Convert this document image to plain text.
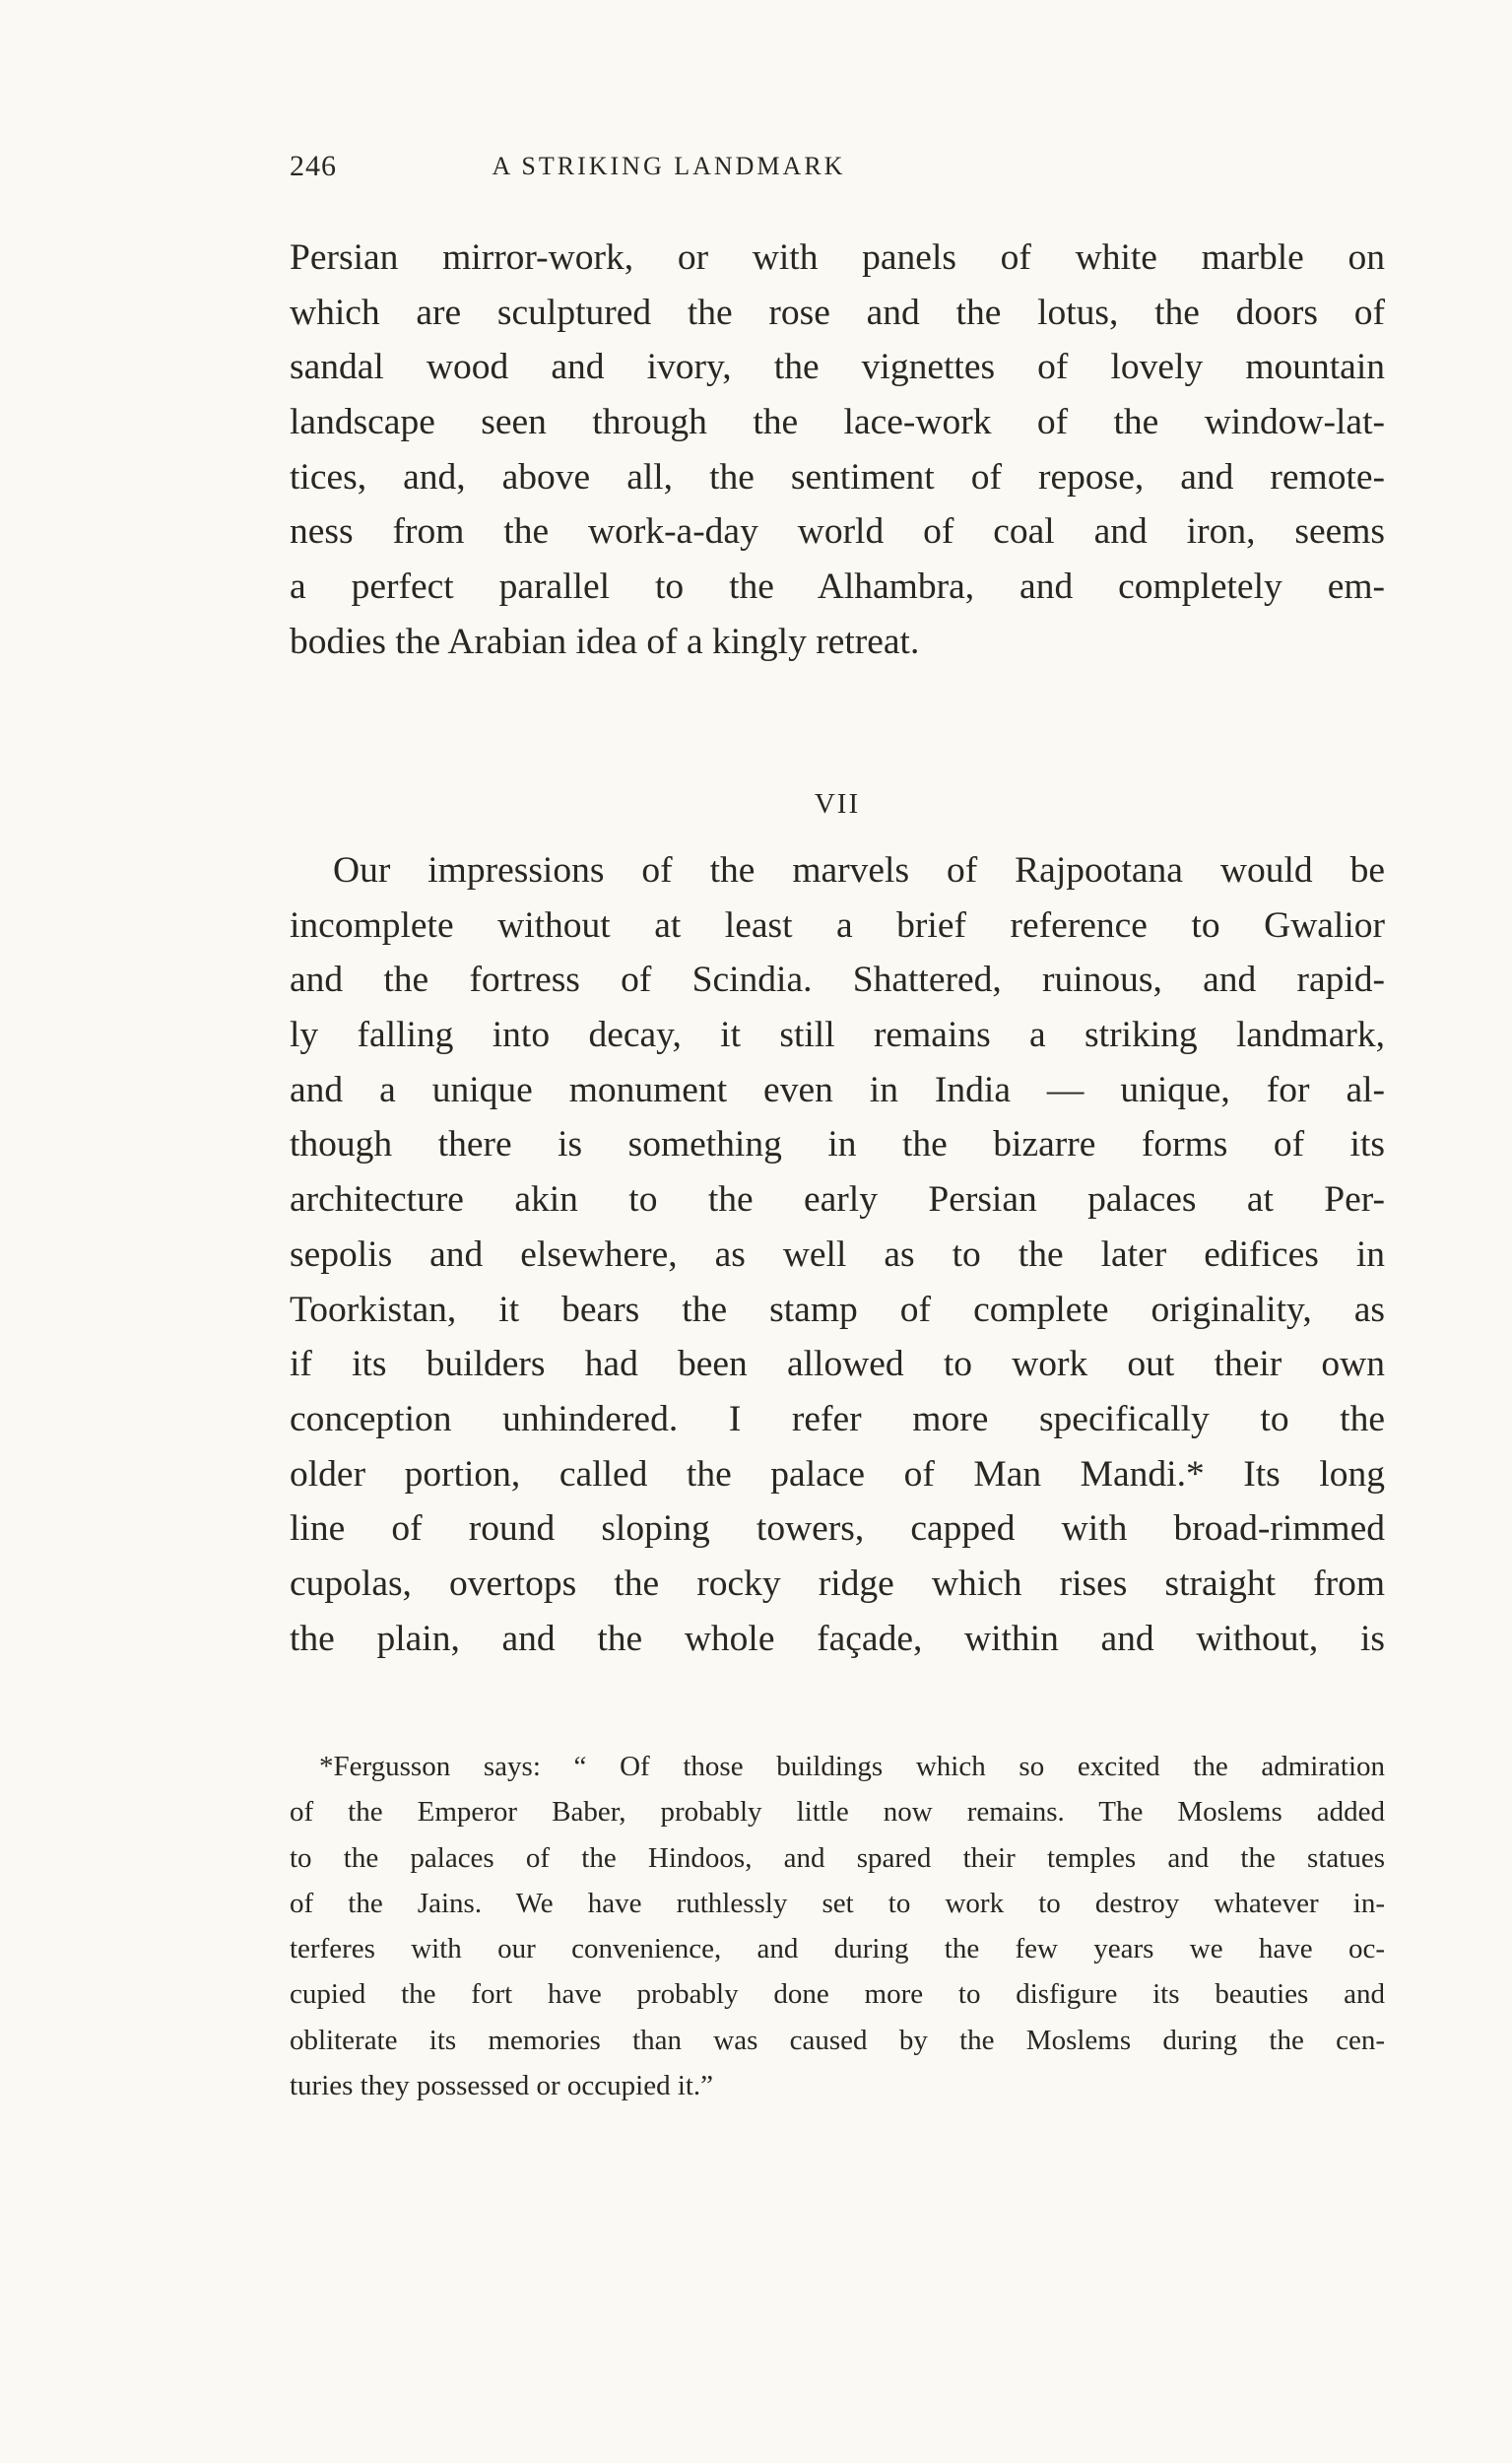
246	A STRIKING LANDMARK
Persian mirror-work, or with panels of white marble on
which are sculptured the rose and the lotus, the doors of
sandal wood and ivory, the vignettes of lovely mountain
landscape seen through the lace-work of the window-lat-
tices, and, above all, the sentiment of repose, and remote-
ness from the work-a-day world of coal and iron, seems
a perfect parallel to the Alhambra, and completely em-
bodies the Arabian idea of a kingly retreat.
VII
Our impressions of the marvels of Rajpootana would be
incomplete without at least a brief reference to Gwalior
and the fortress of Scindia. Shattered, ruinous, and rapid-
ly falling into decay, it still remains a striking landmark,
and a unique monument even in India — unique, for al-
though there is something in the bizarre forms of its
architecture akin to the early Persian palaces at Per-
sepolis and elsewhere, as well as to the later edifices in
Toorkistan, it bears the stamp of complete originality, as
if its builders had been allowed to work out their own
conception unhindered. I refer more specifically to the
older portion, called the palace of Man Mandi.* Its long
line of round sloping towers, capped with broad-rimmed
cupolas, overtops the rocky ridge which rises straight from
the plain, and the whole façade, within and without, is
*Fergusson says: “ Of those buildings which so excited the admiration
of the Emperor Baber, probably little now remains. The Moslems added
to the palaces of the Hindoos, and spared their temples and the statues
of the Jains. We have ruthlessly set to work to destroy whatever in-
terferes with our convenience, and during the few years we have oc-
cupied the fort have probably done more to disfigure its beauties and
obliterate its memories than was caused by the Moslems during the cen-
turies they possessed or occupied it.”
